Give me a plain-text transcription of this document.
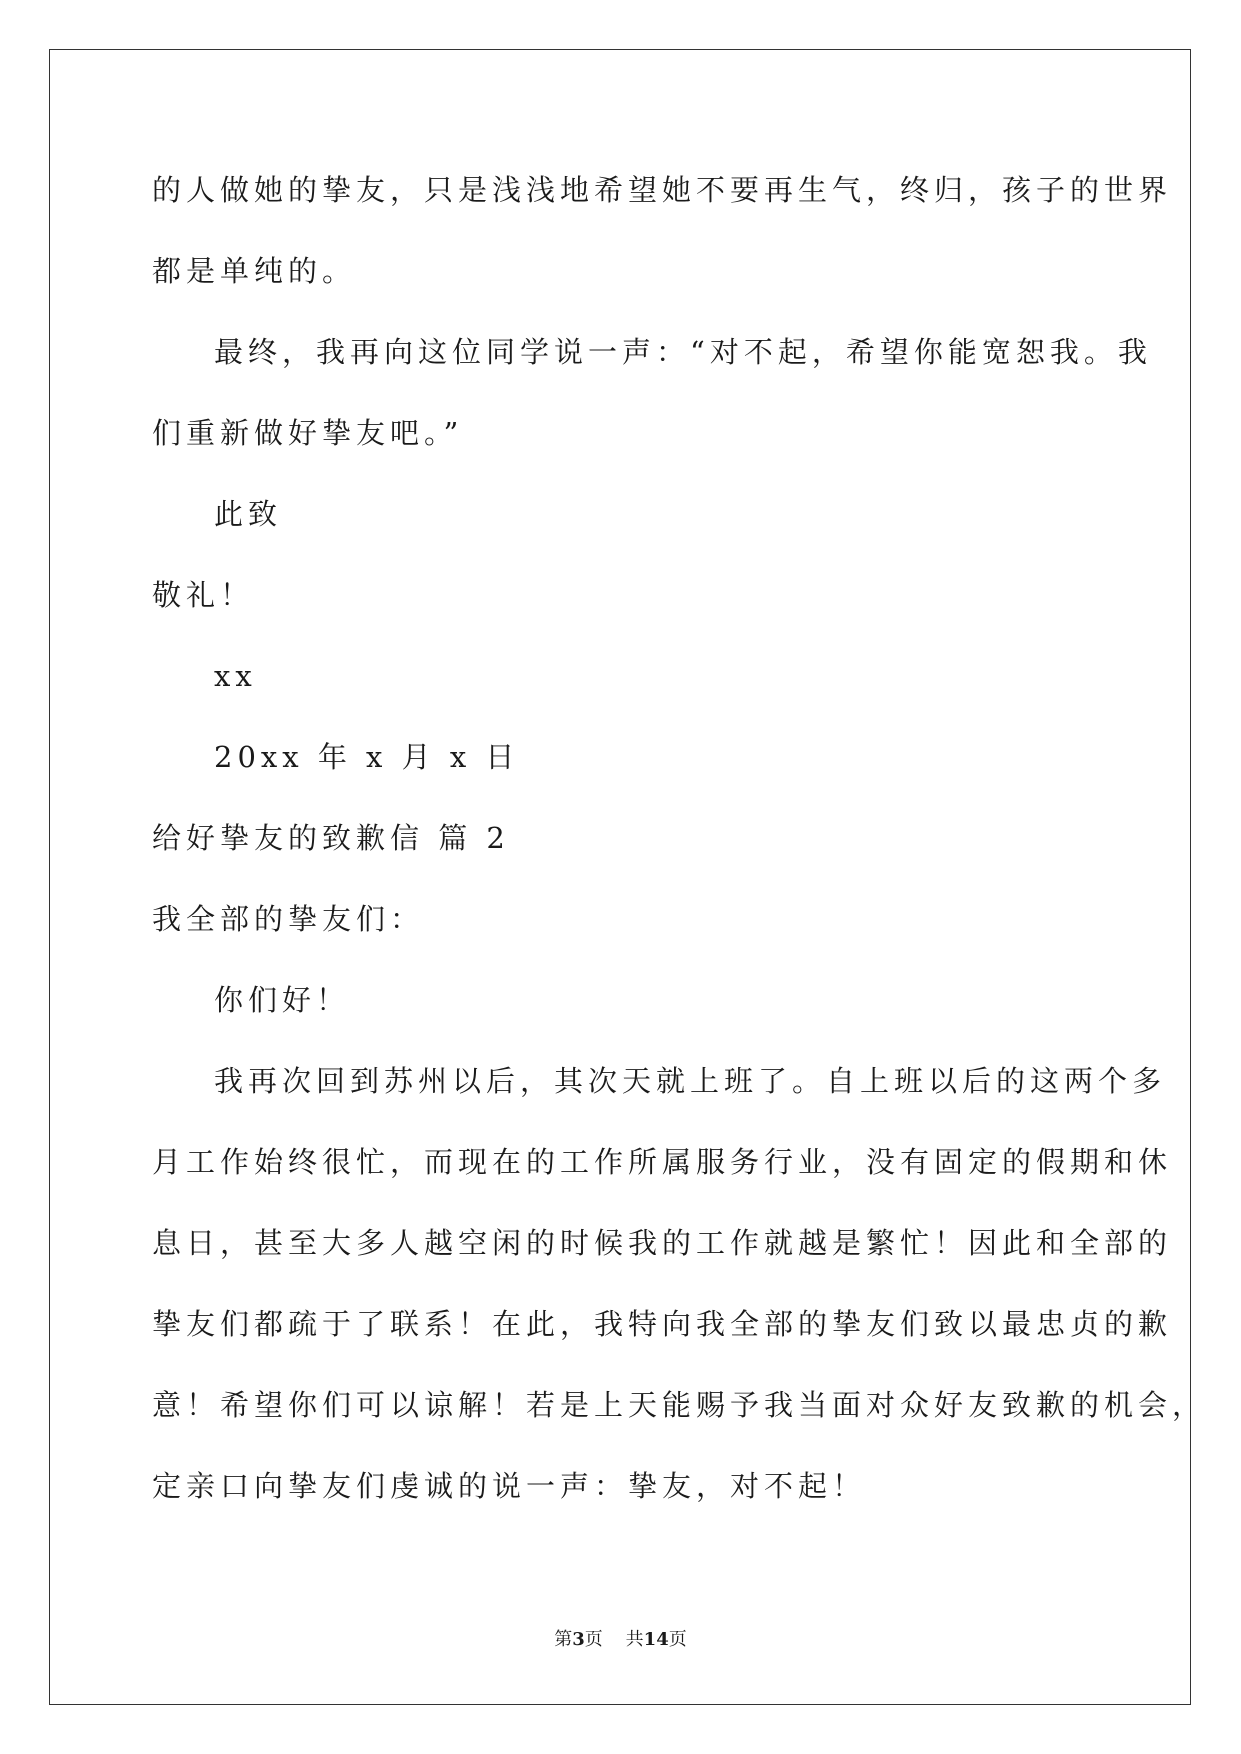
的人做她的挚友，只是浅浅地希望她不要再生气，终归，孩子的世界
都是单纯的。
最终，我再向这位同学说一声：“对不起，希望你能宽恕我。我
们重新做好挚友吧。”
此致
敬礼！
xx
20xx 年 x 月 x 日
给好挚友的致歉信 篇 2
我全部的挚友们：
你们好！
我再次回到苏州以后，其次天就上班了。自上班以后的这两个多
月工作始终很忙，而现在的工作所属服务行业，没有固定的假期和休
息日，甚至大多人越空闲的时候我的工作就越是繁忙！因此和全部的
挚友们都疏于了联系！在此，我特向我全部的挚友们致以最忠贞的歉
意！希望你们可以谅解！若是上天能赐予我当面对众好友致歉的机会，
定亲口向挚友们虔诚的说一声：挚友，对不起！
第3页 共14页
